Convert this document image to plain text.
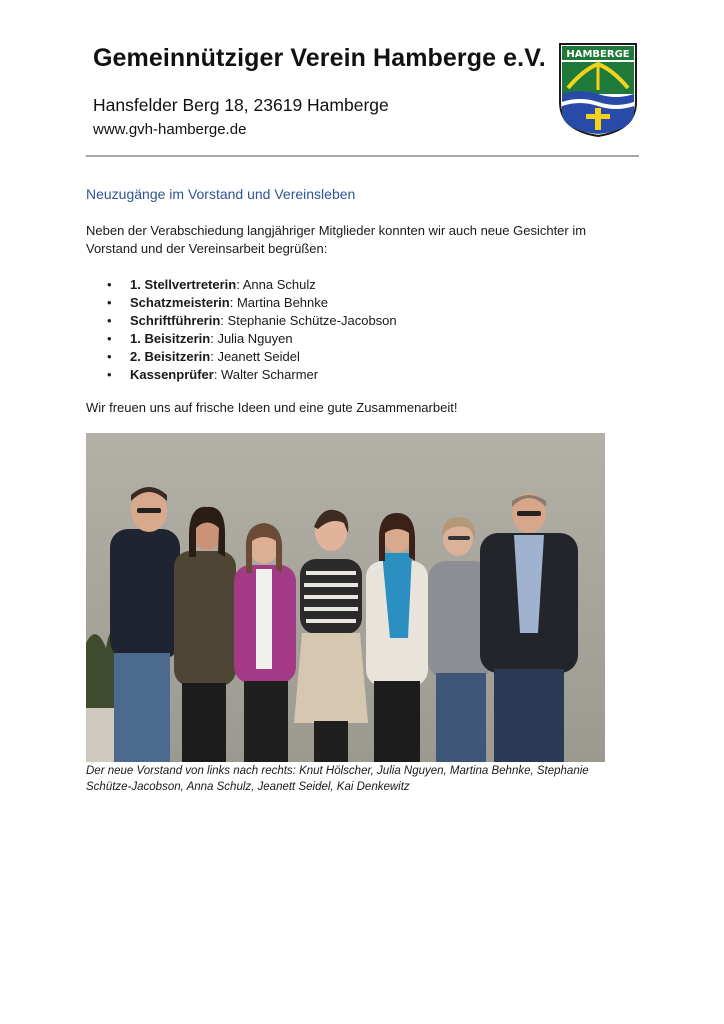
Gemeinnütziger Verein Hamberge e.V.
Hansfelder Berg 18, 23619 Hamberge
www.gvh-hamberge.de
HAMBERGE
Neuzugänge im Vorstand und Vereinsleben
Neben der Verabschiedung langjähriger Mitglieder konnten wir auch neue Gesichter im
Vorstand und der Vereinsarbeit begrüßen:
• 1. Stellvertreterin: Anna Schulz
• Schatzmeisterin: Martina Behnke
• Schriftführerin: Stephanie Schütze-Jacobson
• 1. Beisitzerin: Julia Nguyen
• 2. Beisitzerin: Jeanett Seidel
• Kassenprüfer: Walter Scharmer
Wir freuen uns auf frische Ideen und eine gute Zusammenarbeit!
Der neue Vorstand von links nach rechts: Knut Hölscher, Julia Nguyen, Martina Behnke, Stephanie
Schütze-Jacobson, Anna Schulz, Jeanett Seidel, Kai Denkewitz
